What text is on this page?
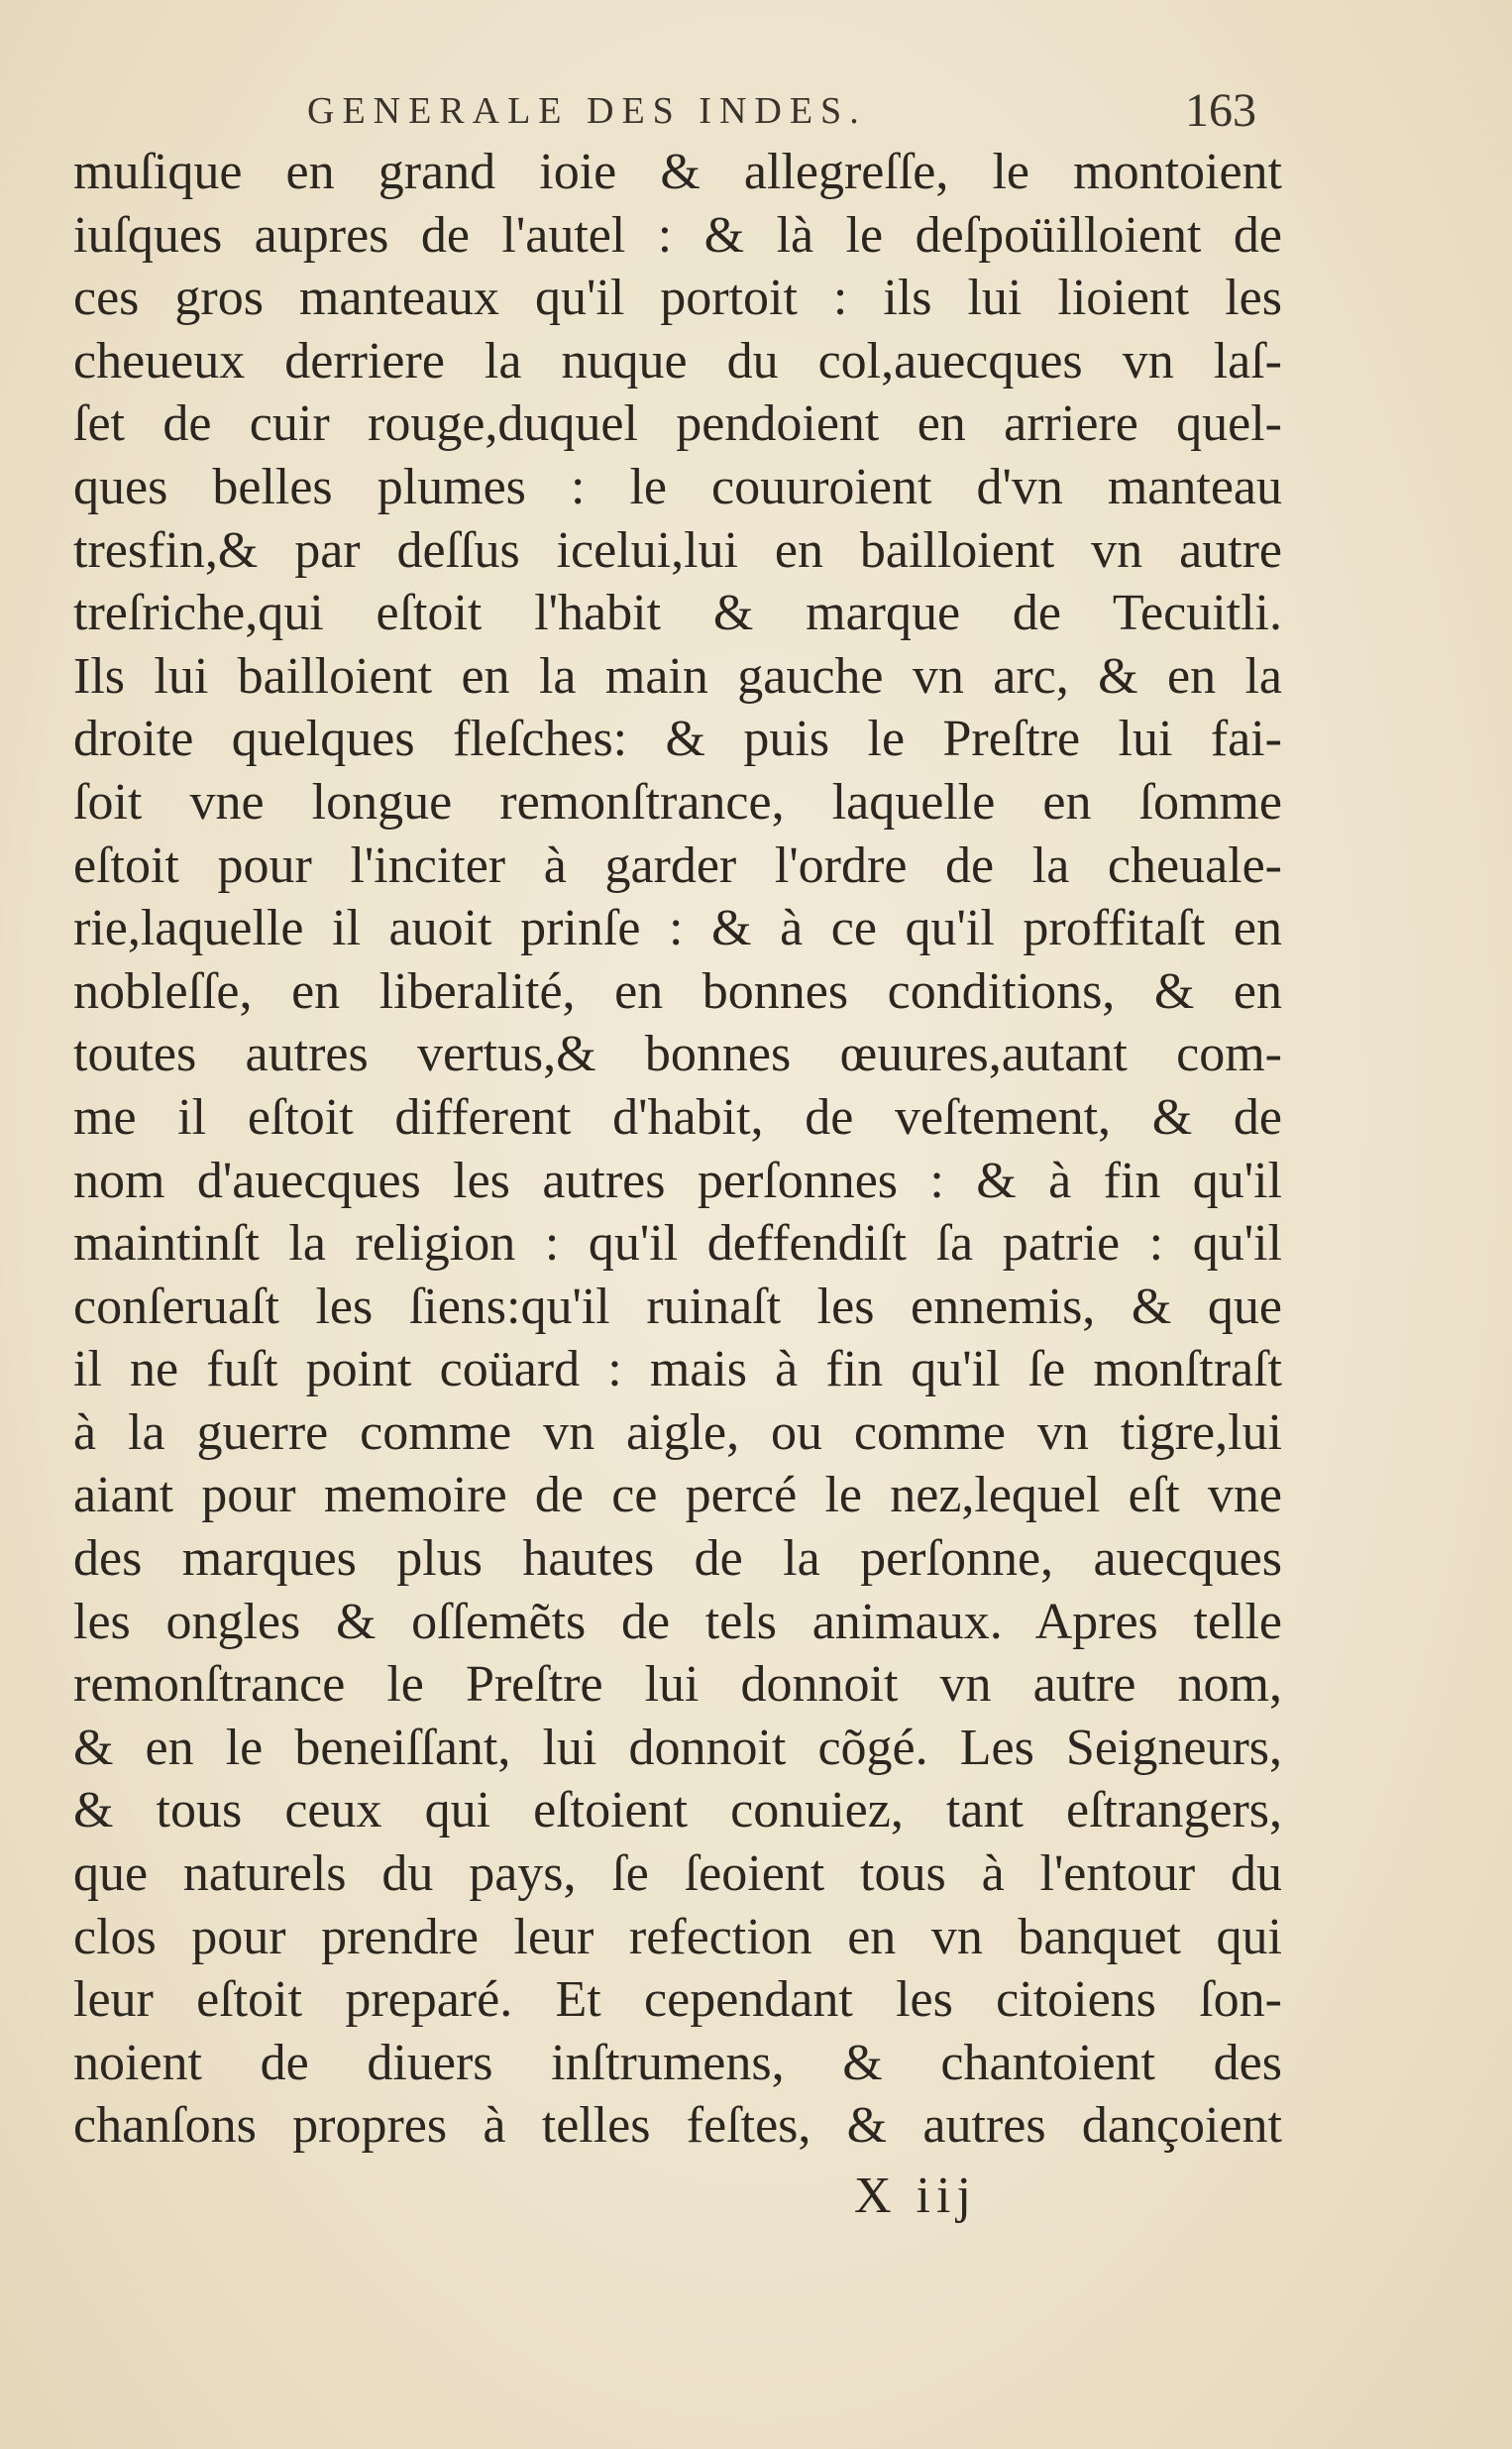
GENERALE DES INDES.	163
muſique en grand ioie & allegreſſe, le montoient
iuſques aupres de l'autel : & là le deſpoüilloient de
ces gros manteaux qu'il portoit : ils lui lioient les
cheueux derriere la nuque du col,auecques vn laſ-
ſet de cuir rouge,duquel pendoient en arriere quel-
ques belles plumes : le couuroient d'vn manteau
tresfin,& par deſſus icelui,lui en bailloient vn autre
treſriche,qui eſtoit l'habit & marque de Tecuitli.
Ils lui bailloient en la main gauche vn arc, & en la
droite quelques fleſches: & puis le Preſtre lui fai-
ſoit vne longue remonſtrance, laquelle en ſomme
eſtoit pour l'inciter à garder l'ordre de la cheuale-
rie,laquelle il auoit prinſe : & à ce qu'il proffitaſt en
nobleſſe, en liberalité, en bonnes conditions, & en
toutes autres vertus,& bonnes œuures,autant com-
me il eſtoit different d'habit, de veſtement, & de
nom d'auecques les autres perſonnes : & à fin qu'il
maintinſt la religion : qu'il deffendiſt ſa patrie : qu'il
conſeruaſt les ſiens:qu'il ruinaſt les ennemis, & que
il ne fuſt point coüard : mais à fin qu'il ſe monſtraſt
à la guerre comme vn aigle, ou comme vn tigre,lui
aiant pour memoire de ce percé le nez,lequel eſt vne
des marques plus hautes de la perſonne, auecques
les ongles & oſſemẽts de tels animaux. Apres telle
remonſtrance le Preſtre lui donnoit vn autre nom,
& en le beneiſſant, lui donnoit cõgé. Les Seigneurs,
& tous ceux qui eſtoient conuiez, tant eſtrangers,
que naturels du pays, ſe ſeoient tous à l'entour du
clos pour prendre leur refection en vn banquet qui
leur eſtoit preparé. Et cependant les citoiens ſon-
noient de diuers inſtrumens, & chantoient des
chanſons propres à telles feſtes, & autres dançoient
X iij
